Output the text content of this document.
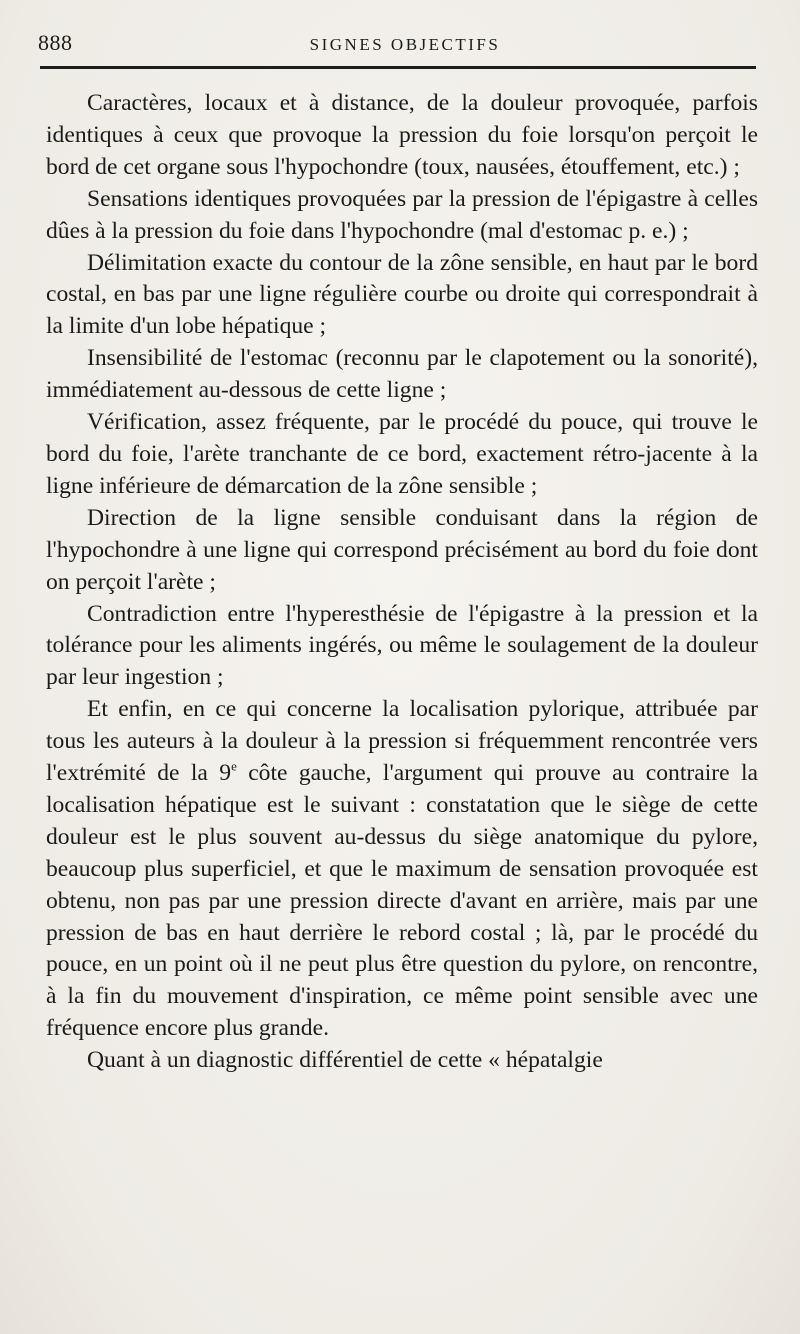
888	SIGNES OBJECTIFS

Caractères, locaux et à distance, de la douleur provoquée, parfois identiques à ceux que provoque la pression du foie lorsqu'on perçoit le bord de cet organe sous l'hypochondre (toux, nausées, étouffement, etc.) ;

Sensations identiques provoquées par la pression de l'épigastre à celles dûes à la pression du foie dans l'hypochondre (mal d'estomac p. e.) ;

Délimitation exacte du contour de la zône sensible, en haut par le bord costal, en bas par une ligne régulière courbe ou droite qui correspondrait à la limite d'un lobe hépatique ;

Insensibilité de l'estomac (reconnu par le clapotement ou la sonorité), immédiatement au-dessous de cette ligne ;

Vérification, assez fréquente, par le procédé du pouce, qui trouve le bord du foie, l'arète tranchante de ce bord, exactement rétro-jacente à la ligne inférieure de démarcation de la zône sensible ;

Direction de la ligne sensible conduisant dans la région de l'hypochondre à une ligne qui correspond précisément au bord du foie dont on perçoit l'arète ;

Contradiction entre l'hyperesthésie de l'épigastre à la pression et la tolérance pour les aliments ingérés, ou même le soulagement de la douleur par leur ingestion ;

Et enfin, en ce qui concerne la localisation pylorique, attribuée par tous les auteurs à la douleur à la pression si fréquemment rencontrée vers l'extrémité de la 9e côte gauche, l'argument qui prouve au contraire la localisation hépatique est le suivant : constatation que le siège de cette douleur est le plus souvent au-dessus du siège anatomique du pylore, beaucoup plus superficiel, et que le maximum de sensation provoquée est obtenu, non pas par une pression directe d'avant en arrière, mais par une pression de bas en haut derrière le rebord costal ; là, par le procédé du pouce, en un point où il ne peut plus être question du pylore, on rencontre, à la fin du mouvement d'inspiration, ce même point sensible avec une fréquence encore plus grande.

Quant à un diagnostic différentiel de cette « hépatalgie
